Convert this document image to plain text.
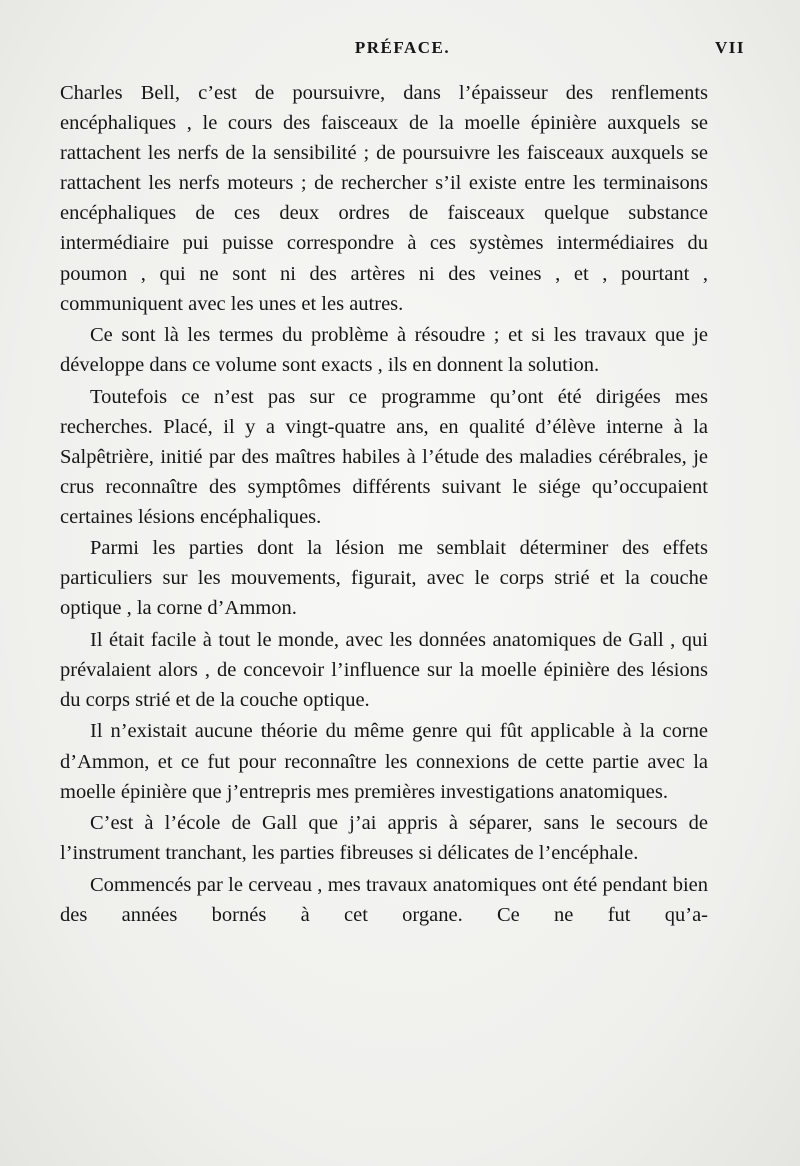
PRÉFACE.	VII

Charles Bell, c’est de poursuivre, dans l’épaisseur des renflements encéphaliques , le cours des faisceaux de la moelle épinière auxquels se rattachent les nerfs de la sensibilité ; de poursuivre les faisceaux auxquels se rattachent les nerfs moteurs ; de rechercher s’il existe entre les terminaisons encéphaliques de ces deux ordres de faisceaux quelque substance intermédiaire pui puisse correspondre à ces systèmes intermédiaires du poumon , qui ne sont ni des artères ni des veines , et , pourtant , communiquent avec les unes et les autres.

Ce sont là les termes du problème à résoudre ; et si les travaux que je développe dans ce volume sont exacts , ils en donnent la solution.

Toutefois ce n’est pas sur ce programme qu’ont été dirigées mes recherches. Placé, il y a vingt-quatre ans, en qualité d’élève interne à la Salpêtrière, initié par des maîtres habiles à l’étude des maladies cérébrales, je crus reconnaître des symptômes différents suivant le siége qu’occupaient certaines lésions encéphaliques.

Parmi les parties dont la lésion me semblait déterminer des effets particuliers sur les mouvements, figurait, avec le corps strié et la couche optique , la corne d’Ammon.

Il était facile à tout le monde, avec les données anatomiques de Gall , qui prévalaient alors , de concevoir l’influence sur la moelle épinière des lésions du corps strié et de la couche optique.

Il n’existait aucune théorie du même genre qui fût applicable à la corne d’Ammon, et ce fut pour reconnaître les connexions de cette partie avec la moelle épinière que j’entrepris mes premières investigations anatomiques.

C’est à l’école de Gall que j’ai appris à séparer, sans le secours de l’instrument tranchant, les parties fibreuses si délicates de l’encéphale.

Commencés par le cerveau , mes travaux anatomiques ont été pendant bien des années bornés à cet organe. Ce ne fut qu’a-
